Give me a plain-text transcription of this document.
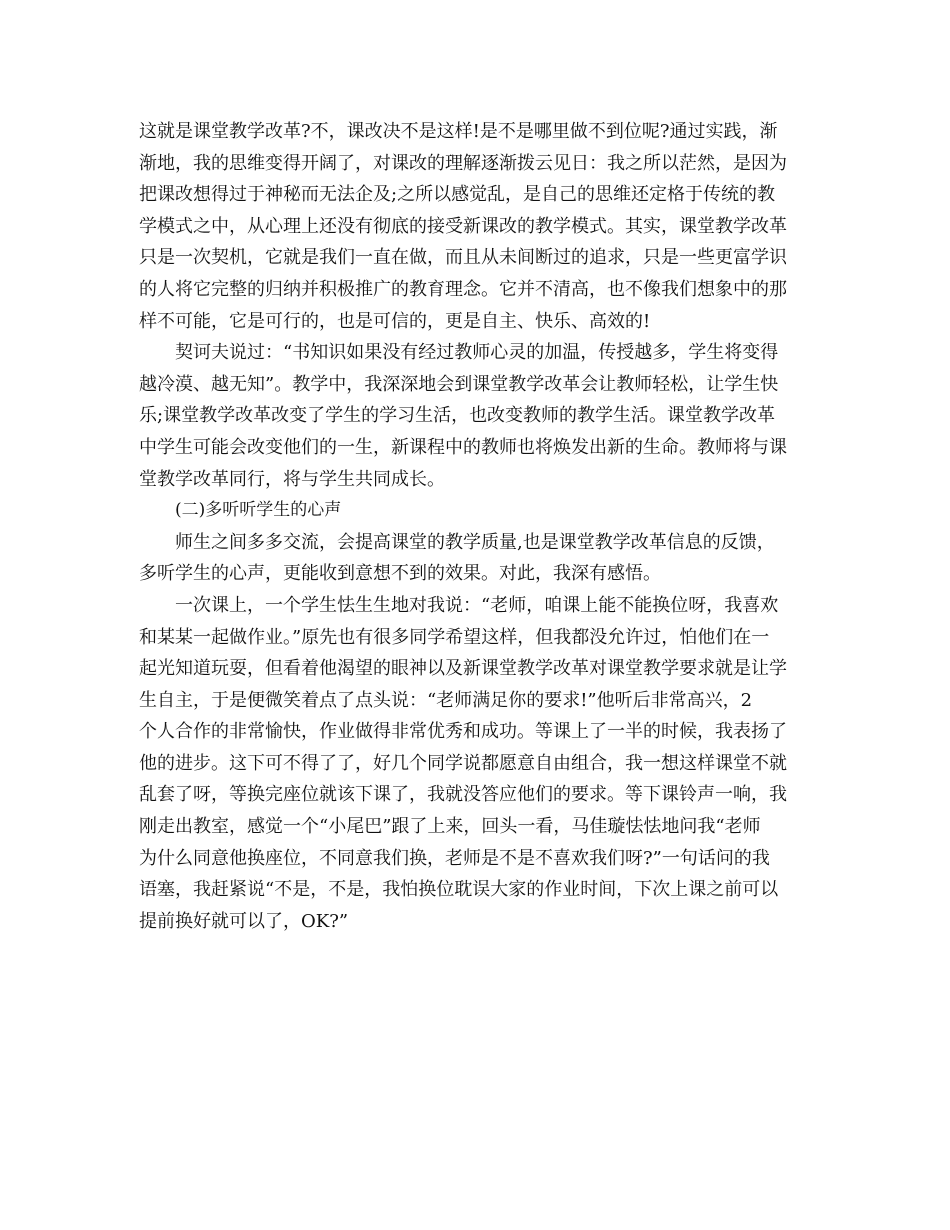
这就是课堂教学改革?不，课改决不是这样!是不是哪里做不到位呢?通过实践，渐
渐地，我的思维变得开阔了，对课改的理解逐渐拨云见日：我之所以茫然，是因为
把课改想得过于神秘而无法企及;之所以感觉乱，是自己的思维还定格于传统的教
学模式之中，从心理上还没有彻底的接受新课改的教学模式。其实，课堂教学改革
只是一次契机，它就是我们一直在做，而且从未间断过的追求，只是一些更富学识
的人将它完整的归纳并积极推广的教育理念。它并不清高，也不像我们想象中的那
样不可能，它是可行的，也是可信的，更是自主、快乐、高效的!
契诃夫说过：“书知识如果没有经过教师心灵的加温，传授越多，学生将变得
越冷漠、越无知”。教学中，我深深地会到课堂教学改革会让教师轻松，让学生快
乐;课堂教学改革改变了学生的学习生活，也改变教师的教学生活。课堂教学改革
中学生可能会改变他们的一生，新课程中的教师也将焕发出新的生命。教师将与课
堂教学改革同行，将与学生共同成长。
(二)多听听学生的心声
师生之间多多交流，会提高课堂的教学质量,也是课堂教学改革信息的反馈，
多听学生的心声，更能收到意想不到的效果。对此，我深有感悟。
一次课上，一个学生怯生生地对我说：“老师，咱课上能不能换位呀，我喜欢
和某某一起做作业。”原先也有很多同学希望这样，但我都没允许过，怕他们在一
起光知道玩耍，但看着他渴望的眼神以及新课堂教学改革对课堂教学要求就是让学
生自主，于是便微笑着点了点头说：“老师满足你的要求!”他听后非常高兴，2
个人合作的非常愉快，作业做得非常优秀和成功。等课上了一半的时候，我表扬了
他的进步。这下可不得了了，好几个同学说都愿意自由组合，我一想这样课堂不就
乱套了呀，等换完座位就该下课了，我就没答应他们的要求。等下课铃声一响，我
刚走出教室，感觉一个“小尾巴”跟了上来，回头一看，马佳璇怯怯地问我“老师
为什么同意他换座位，不同意我们换，老师是不是不喜欢我们呀?”一句话问的我
语塞，我赶紧说“不是，不是，我怕换位耽误大家的作业时间，下次上课之前可以
提前换好就可以了，OK?”
